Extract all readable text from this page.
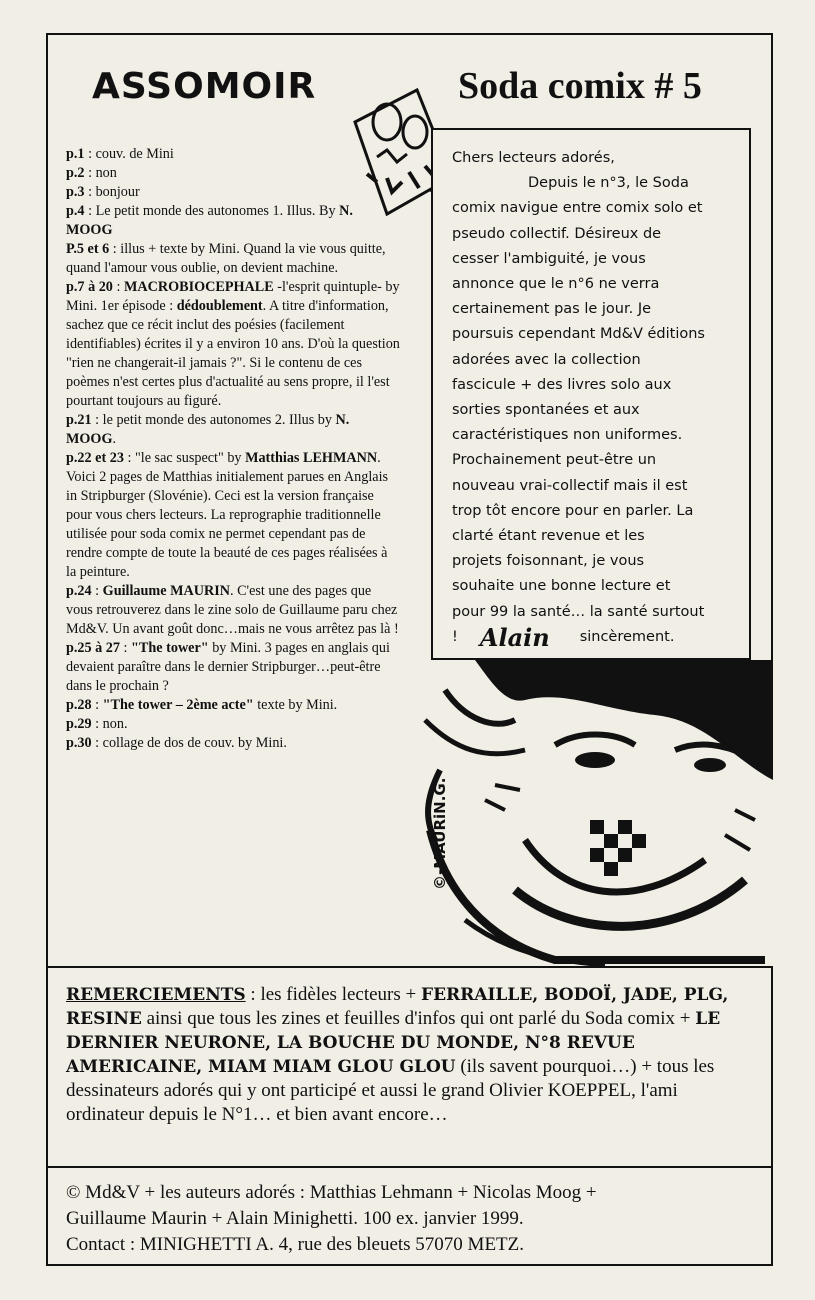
ASSOMOIR	Soda comix # 5

p.1 : couv. de Mini

p.2 : non

p.3 : bonjour

p.4 : Le petit monde des autonomes 1. Illus. By N. MOOG

P.5 et 6 : illus + texte by Mini. Quand la vie vous quitte, quand l'amour vous oublie, on devient machine.

p.7 à 20 : MACROBIOCEPHALE -l'esprit quintuple- by Mini. 1er épisode : dédoublement. A titre d'information, sachez que ce récit inclut des poésies (facilement identifiables) écrites il y a environ 10 ans. D'où la question "rien ne changerait-il jamais ?". Si le contenu de ces poèmes n'est certes plus d'actualité au sens propre, il l'est pourtant toujours au figuré.

p.21 : le petit monde des autonomes 2. Illus by N. MOOG.

p.22 et 23 : "le sac suspect" by Matthias LEHMANN. Voici 2 pages de Matthias initialement parues en Anglais in Stripburger (Slovénie). Ceci est la version française pour vous chers lecteurs. La reprographie traditionnelle utilisée pour soda comix ne permet cependant pas de rendre compte de toute la beauté de ces pages réalisées à la peinture.

p.24 : Guillaume MAURIN. C'est une des pages que vous retrouverez dans le zine solo de Guillaume paru chez Md&V. Un avant goût donc…mais ne vous arrêtez pas là !

p.25 à 27 : "The tower" by Mini. 3 pages en anglais qui devaient paraître dans le dernier Stripburger…peut-être dans le prochain ?

p.28 : "The tower – 2ème acte" texte by Mini.

p.29 : non.

p.30 : collage de dos de couv. by Mini.

Chers lecteurs adorés,

Depuis le n°3, le Soda

comix navigue entre comix solo et

pseudo collectif. Désireux de

cesser l'ambiguité, je vous

annonce que le n°6 ne verra

certainement pas le jour. Je

poursuis cependant Md&V éditions

adorées avec la collection

fascicule + des livres solo aux

sorties spontanées et aux

caractéristiques non uniformes.

Prochainement peut-être un

nouveau vrai-collectif mais il est

trop tôt encore pour en parler. La

clarté étant revenue et les

projets foisonnant, je vous

souhaite une bonne lecture et

pour 99 la santé… la santé surtout

! Alain sincèrement.
©-MAURiN.G.
REMERCIEMENTS : les fidèles lecteurs + FERRAILLE, BODOÏ, JADE, PLG, RESINE ainsi que tous les zines et feuilles d'infos qui ont parlé du Soda comix + LE DERNIER NEURONE, LA BOUCHE DU MONDE, N°8 REVUE AMERICAINE, MIAM MIAM GLOU GLOU (ils savent pourquoi…) + tous les dessinateurs adorés qui y ont participé et aussi le grand Olivier KOEPPEL, l'ami ordinateur depuis le N°1… et bien avant encore…

© Md&V + les auteurs adorés : Matthias Lehmann + Nicolas Moog +

Guillaume Maurin + Alain Minighetti. 100 ex. janvier 1999.

Contact : MINIGHETTI A. 4, rue des bleuets 57070 METZ.
